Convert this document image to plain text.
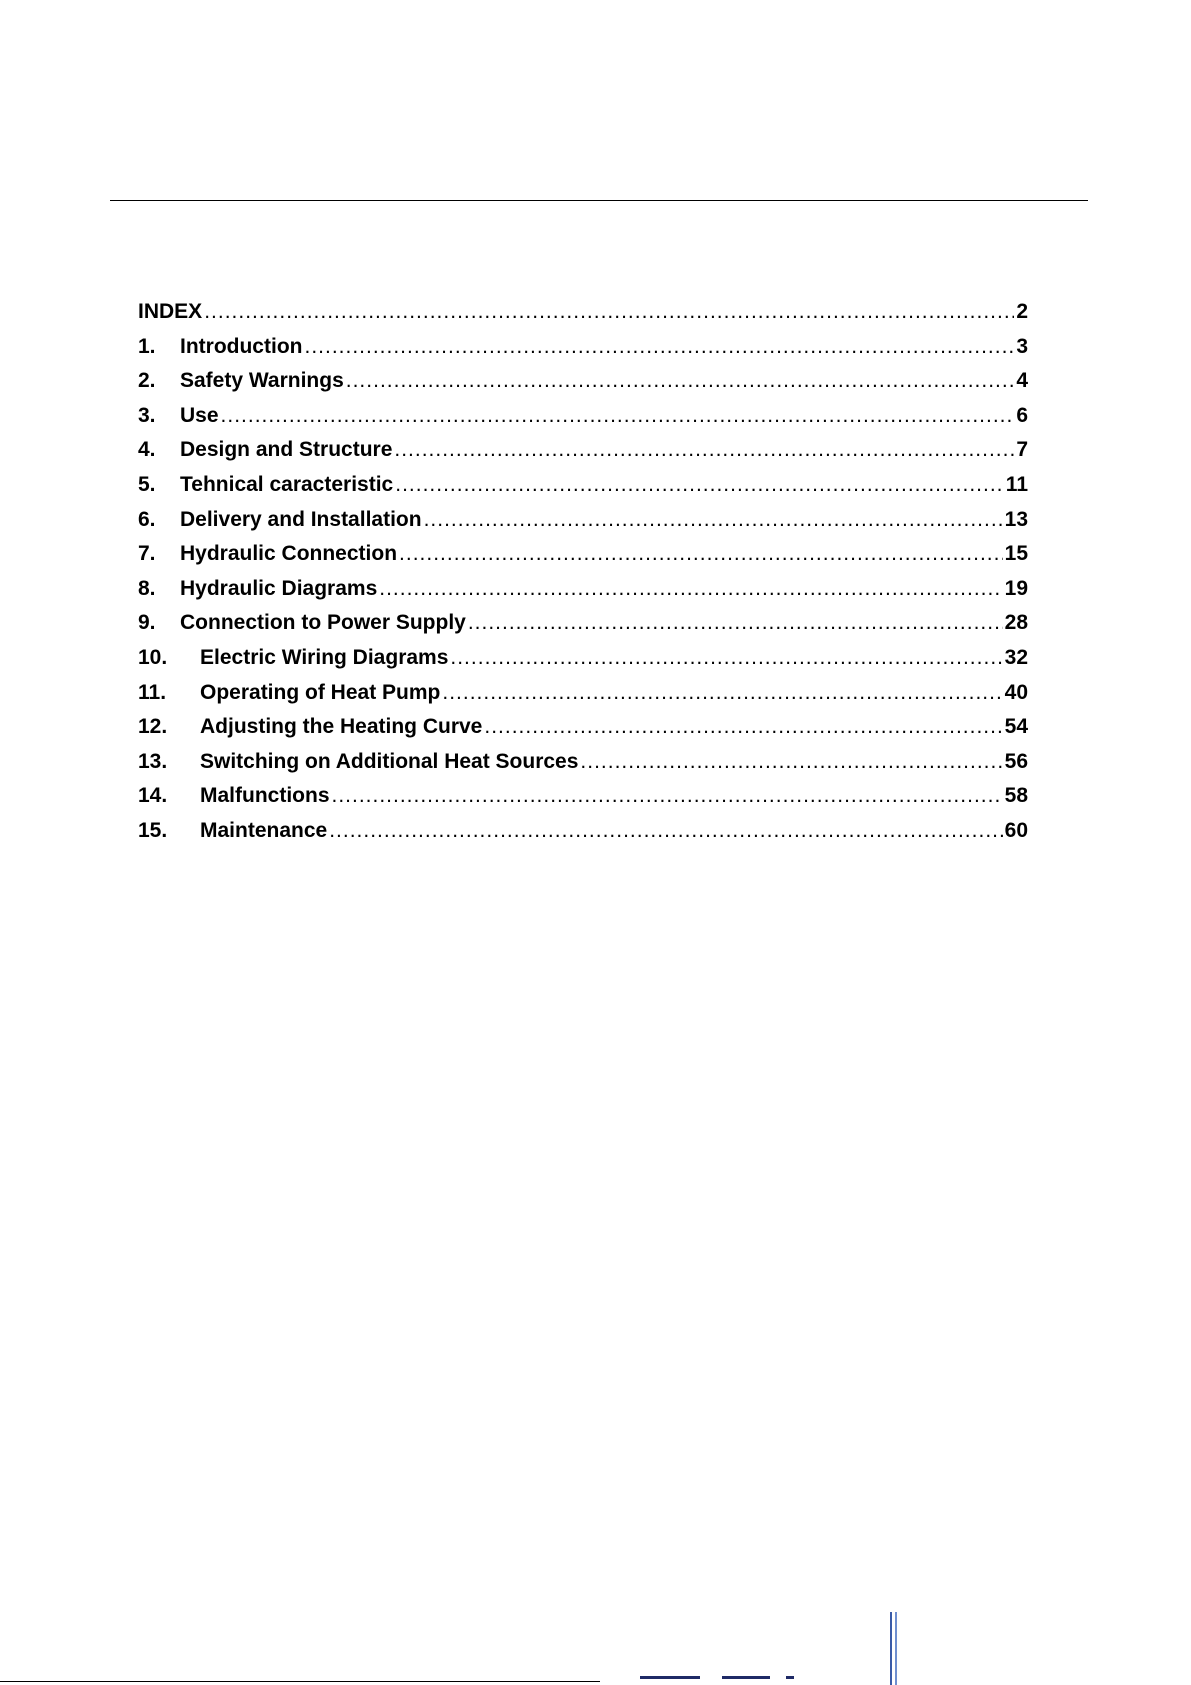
INDEX .....	2
1.	Introduction .....	3
2.	Safety Warnings .....	4
3.	Use .....	6
4.	Design and Structure .....	7
5.	Tehnical caracteristic .....	11
6.	Delivery and Installation .....	13
7.	Hydraulic Connection .....	15
8.	Hydraulic Diagrams .....	19
9.	Connection to Power Supply .....	28
10.	Electric Wiring Diagrams .....	32
11.	Operating of Heat Pump .....	40
12.	Adjusting the Heating Curve .....	54
13.	Switching on Additional Heat Sources .....	56
14.	Malfunctions .....	58
15.	Maintenance .....	60
